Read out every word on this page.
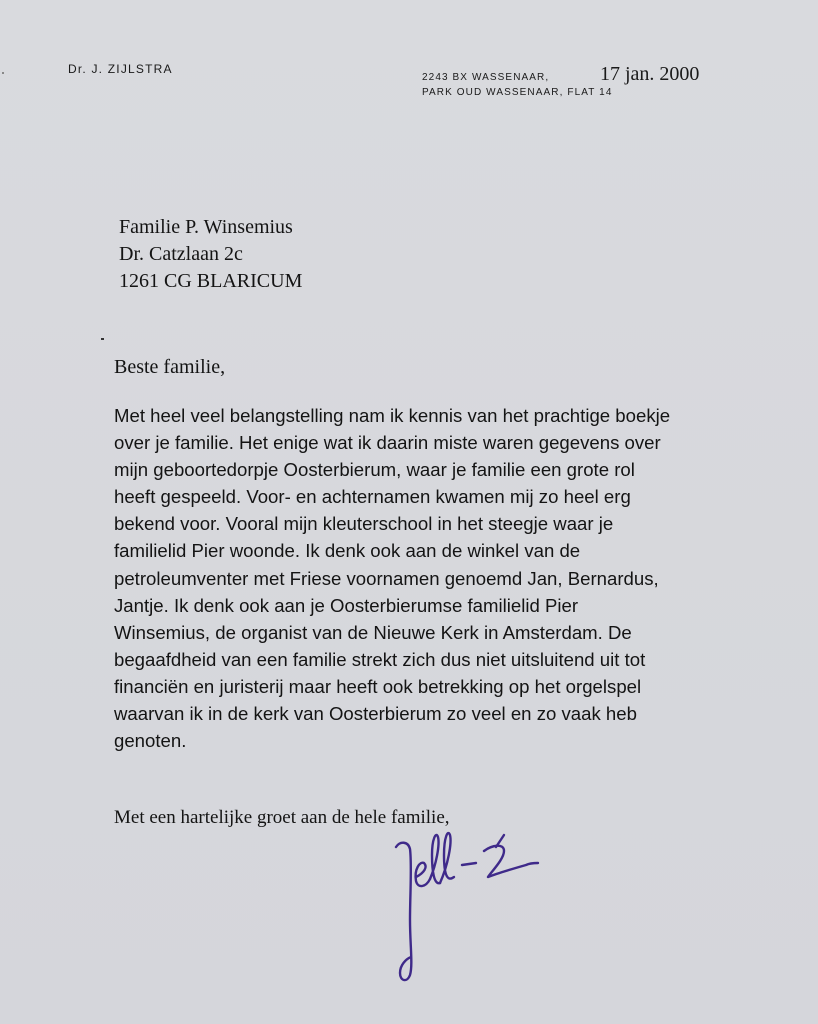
Dr. J. ZIJLSTRA
2243 BX WASSENAAR,
PARK OUD WASSENAAR, FLAT 14
17 jan. 2000
Familie P. Winsemius
Dr. Catzlaan 2c
1261 CG BLARICUM
Beste familie,
Met heel veel belangstelling nam ik kennis van het prachtige boekje
over je familie. Het enige wat ik daarin miste waren gegevens over
mijn geboortedorpje Oosterbierum, waar je familie een grote rol
heeft gespeeld. Voor- en achternamen kwamen mij zo heel erg
bekend voor. Vooral mijn kleuterschool in het steegje waar je
familielid Pier woonde. Ik denk ook aan de winkel van de
petroleumventer met Friese voornamen genoemd Jan, Bernardus,
Jantje. Ik denk ook aan je Oosterbierumse familielid Pier
Winsemius, de organist van de Nieuwe Kerk in Amsterdam. De
begaafdheid van een familie strekt zich dus niet uitsluitend uit tot
financiën en juristerij maar heeft ook betrekking op het orgelspel
waarvan ik in de kerk van Oosterbierum zo veel en zo vaak heb
genoten.
Met een hartelijke groet aan de hele familie,
